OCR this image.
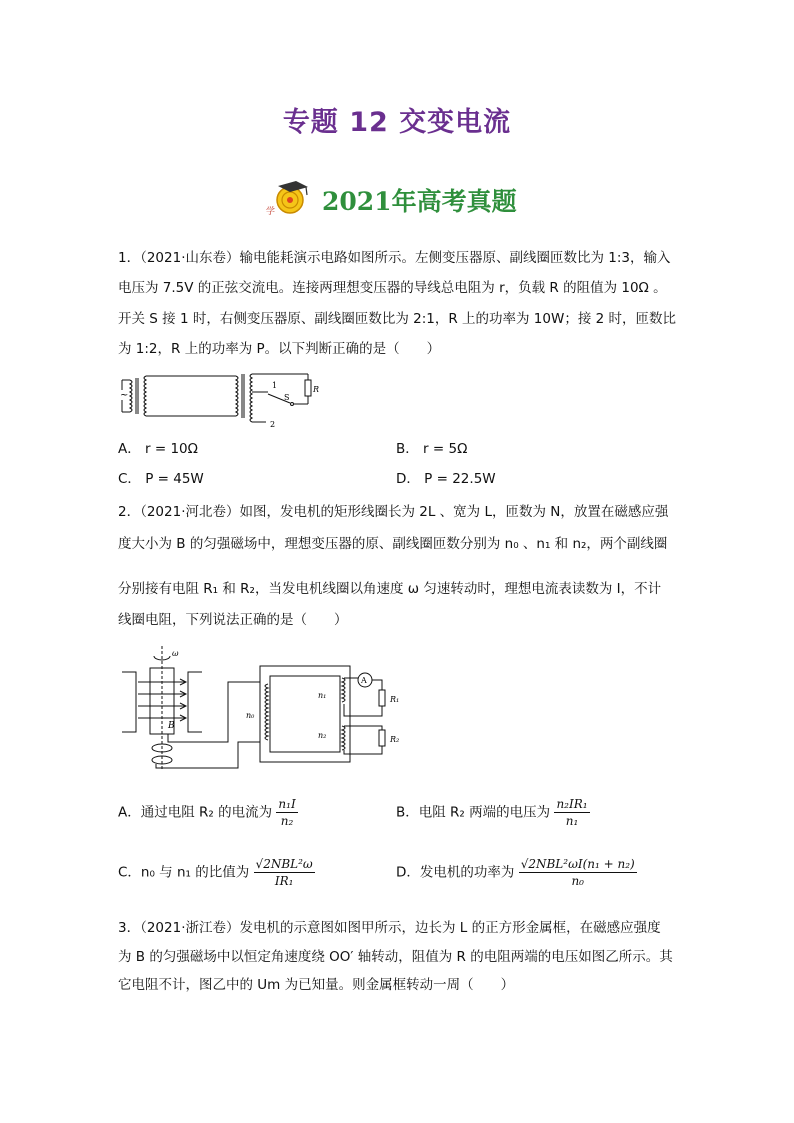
专题 12 交变电流
学 2021年高考真题
1．（2021·山东卷）输电能耗演示电路如图所示。左侧变压器原、副线圈匝数比为 1:3，输入
电压为 7.5V 的正弦交流电。连接两理想变压器的导线总电阻为 r，负载 R 的阻值为 10Ω 。
开关 S 接 1 时，右侧变压器原、副线圈匝数比为 2:1，R 上的功率为 10W；接 2 时，匝数比
为 1:2，R 上的功率为 P。以下判断正确的是（　　）
~
1
2
S
R
A． r = 10Ω	B． r = 5Ω
C． P = 45W	D． P = 22.5W
2．（2021·河北卷）如图，发电机的矩形线圈长为 2L 、宽为 L，匝数为 N，放置在磁感应强
度大小为 B 的匀强磁场中，理想变压器的原、副线圈匝数分别为 n₀ 、n₁ 和 n₂，两个副线圈
分别接有电阻 R₁ 和 R₂，当发电机线圈以角速度 ω 匀速转动时，理想电流表读数为 I，不计
线圈电阻，下列说法正确的是（　　）
ω
B
n₀
n₁
n₂
A
R₁
R₂
A．通过电阻 R₂ 的电流为 $\frac{\text{n₁I}}{\text{n₂}}$	B．电阻 R₂ 两端的电压为 $\frac{\text{n₂IR₁}}{\text{n₁}}$
C．n₀ 与 n₁ 的比值为 $\frac{\text{√2NBL²ω}}{\text{IR₁}}$	D．发电机的功率为 $\frac{\text{√2NBL²ωI(n₁ + n₂)}}{\text{n₀}}$
3．（2021·浙江卷）发电机的示意图如图甲所示，边长为 L 的正方形金属框，在磁感应强度
为 B 的匀强磁场中以恒定角速度绕 OO′ 轴转动，阻值为 R 的电阻两端的电压如图乙所示。其
它电阻不计，图乙中的 Um 为已知量。则金属框转动一周（　　）
